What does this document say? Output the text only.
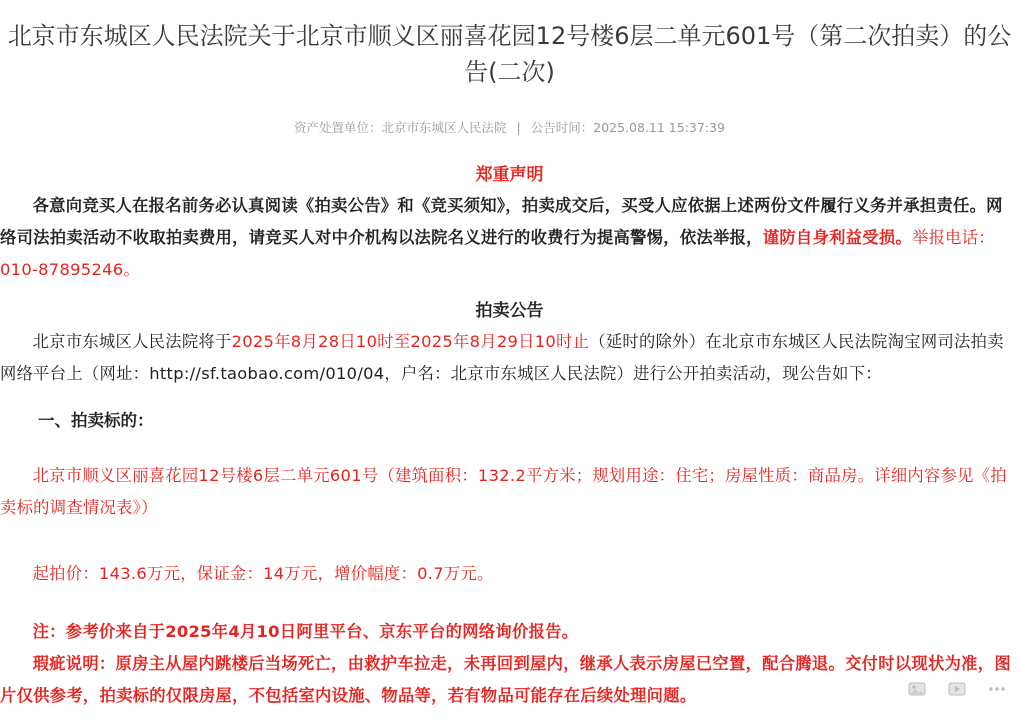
北京市东城区人民法院关于北京市顺义区丽喜花园12号楼6层二单元601号（第二次拍卖）的公告(二次)
资产处置单位：北京市东城区人民法院 | 公告时间：2025.08.11 15:37:39
郑重声明

各意向竞买人在报名前务必认真阅读《拍卖公告》和《竞买须知》，拍卖成交后，买受人应依据上述两份文件履行义务并承担责任。网络司法拍卖活动不收取拍卖费用，请竞买人对中介机构以法院名义进行的收费行为提高警惕，依法举报，谨防自身利益受损。举报电话：010-87895246。

拍卖公告

北京市东城区人民法院将于2025年8月28日10时至2025年8月29日10时止（延时的除外）在北京市东城区人民法院淘宝网司法拍卖网络平台上（网址：http://sf.taobao.com/010/04，户名：北京市东城区人民法院）进行公开拍卖活动，现公告如下：

一、拍卖标的：

北京市顺义区丽喜花园12号楼6层二单元601号（建筑面积：132.2平方米；规划用途：住宅；房屋性质：商品房。详细内容参见《拍卖标的调查情况表》）

起拍价：143.6万元，保证金：14万元，增价幅度：0.7万元。

注：参考价来自于2025年4月10日阿里平台、京东平台的网络询价报告。

瑕疵说明：原房主从屋内跳楼后当场死亡，由救护车拉走，未再回到屋内，继承人表示房屋已空置，配合腾退。交付时以现状为准，图片仅供参考，拍卖标的仅限房屋，不包括室内设施、物品等，若有物品可能存在后续处理问题。
